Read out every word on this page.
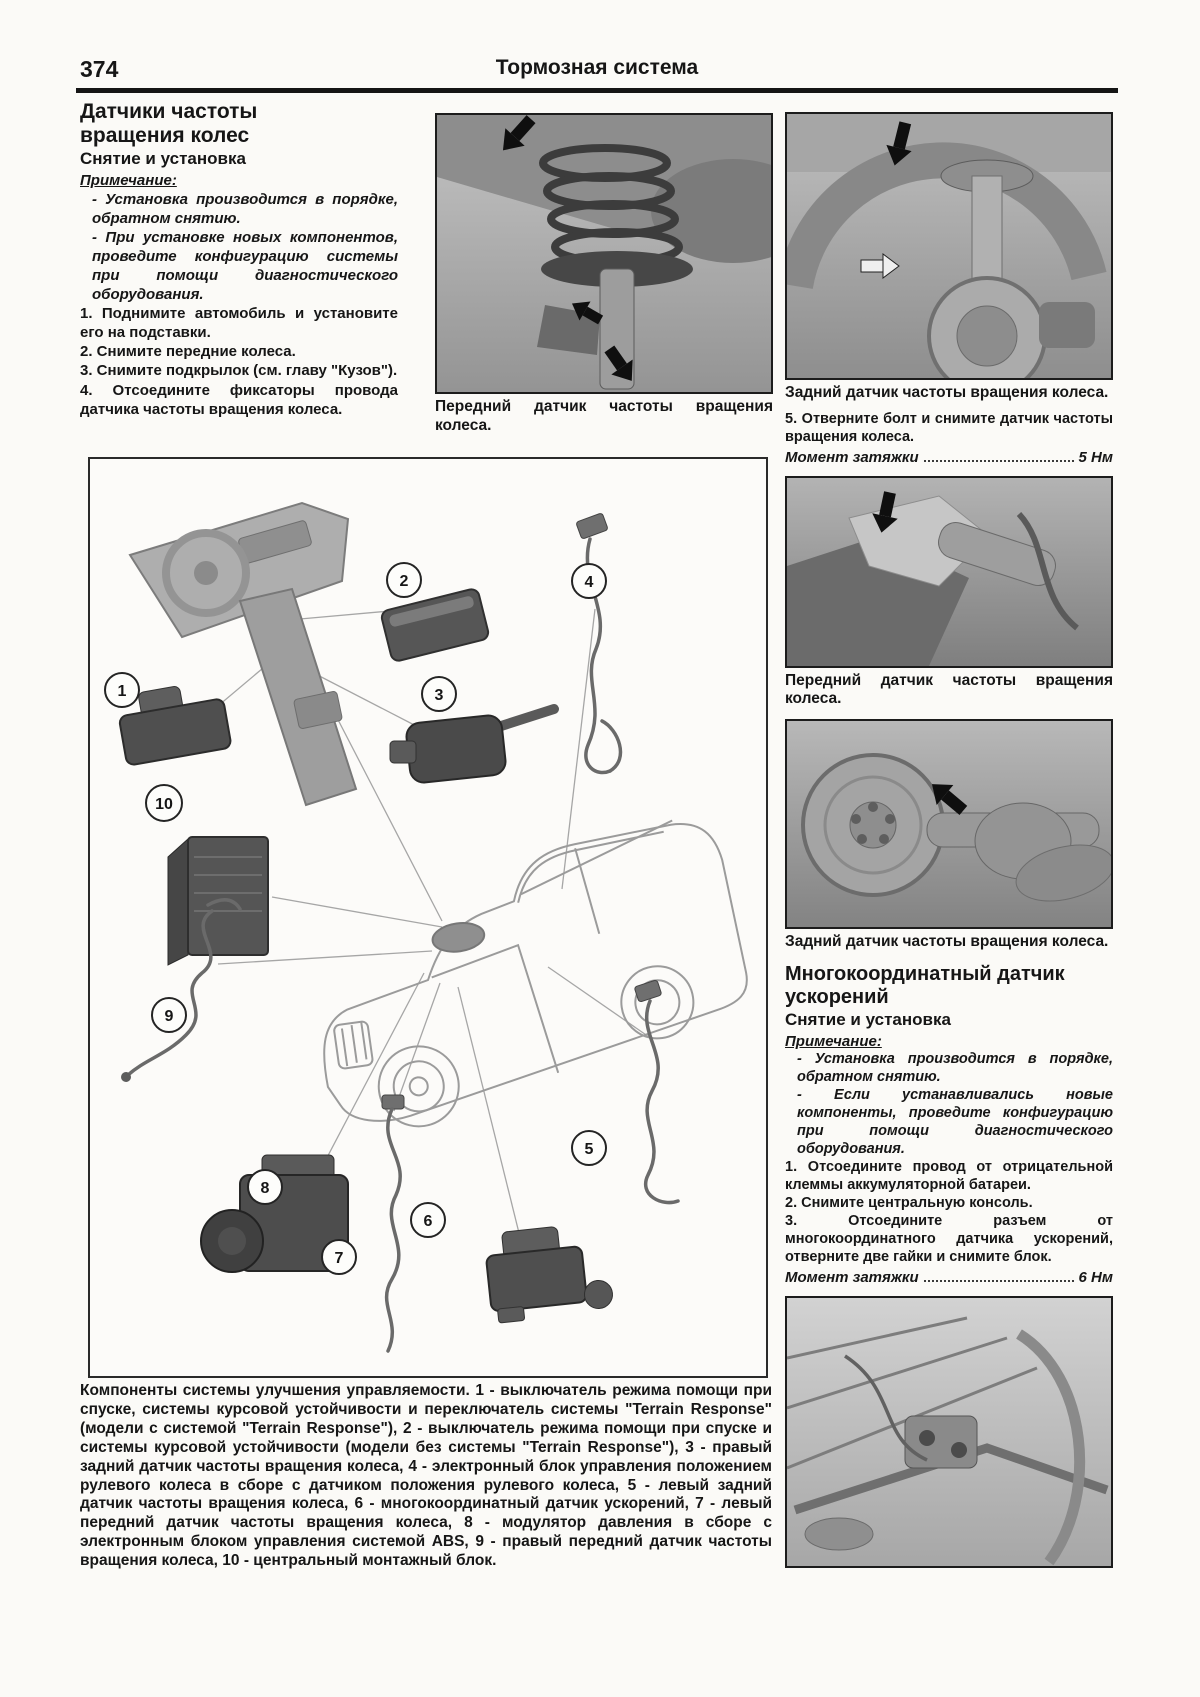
374	Тормозная система
Датчики частоты вращения колес
Снятие и установка

Примечание:

- Установка производится в порядке, обратном снятию.

- При установке новых компонентов, проведите конфигурацию системы при помощи диагностического оборудования.

1. Поднимите автомобиль и установите его на подставки.

2. Снимите передние колеса.

3. Снимите подкрылок (см. главу "Кузов").

4. Отсоедините фиксаторы провода датчика частоты вращения колеса.	Передний датчик частоты вращения колеса.
1
2
3
4
5
6
7
8
9
10

Компоненты системы улучшения управляемости. 1 - выключатель режима помощи при спуске, системы курсовой устойчивости и переключатель системы "Terrain Response" (модели с системой "Terrain Response"), 2 - выключатель режима помощи при спуске и системы курсовой устойчивости (модели без системы "Terrain Response"), 3 - правый задний датчик частоты вращения колеса, 4 - электронный блок управления положением рулевого колеса в сборе с датчиком положения рулевого колеса, 5 - левый задний датчик частоты вращения колеса, 6 - многокоординатный датчик ускорений, 7 - левый передний датчик частоты вращения колеса, 8 - модулятор давления в сборе с электронным блоком управления системой ABS, 9 - правый передний датчик частоты вращения колеса, 10 - центральный монтажный блок.

Задний датчик частоты вращения колеса.

5. Отверните болт и снимите датчик частоты вращения колеса.

Момент затяжки	5 Нм
Передний датчик частоты вращения колеса.
Задний датчик частоты вращения колеса.
Многокоординатный датчик ускорений
Снятие и установка

Примечание:

- Установка производится в порядке, обратном снятию.

- Если устанавливались новые компоненты, проведите конфигурацию при помощи диагностического оборудования.

1. Отсоедините провод от отрицательной клеммы аккумуляторной батареи.

2. Снимите центральную консоль.

3. Отсоедините разъем от многокоординатного датчика ускорений, отверните две гайки и снимите блок.

Момент затяжки	6 Нм
